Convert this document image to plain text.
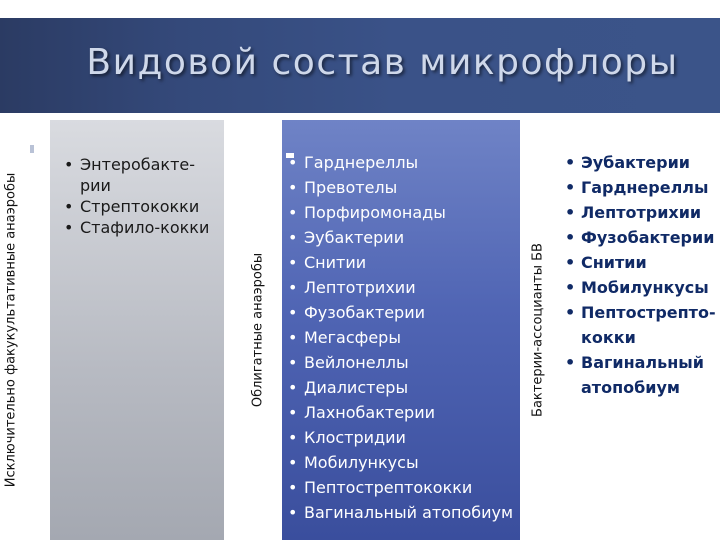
Видовой состав микрофлоры
Исключительно факукультативные анаэробы
• Энтеробакте-рии
• Стрептококки
• Стафило-кокки
Облигатные анаэробы
• Гарднереллы
• Превотелы
• Порфиромонады
• Эубактерии
• Снитии
• Лептотрихии
• Фузобактерии
• Мегасферы
• Вейлонеллы
• Диалистеры
• Лахнобактерии
• Клостридии
• Мобилункусы
• Пептострептококки
• Вагинальный атопобиум
Бактерии-ассоцианты БВ
• Эубактерии
• Гарднереллы
• Лептотрихии
• Фузобактерии
• Снитии
• Мобилункусы
• Пептострепто-кокки
• Вагинальный атопобиум
